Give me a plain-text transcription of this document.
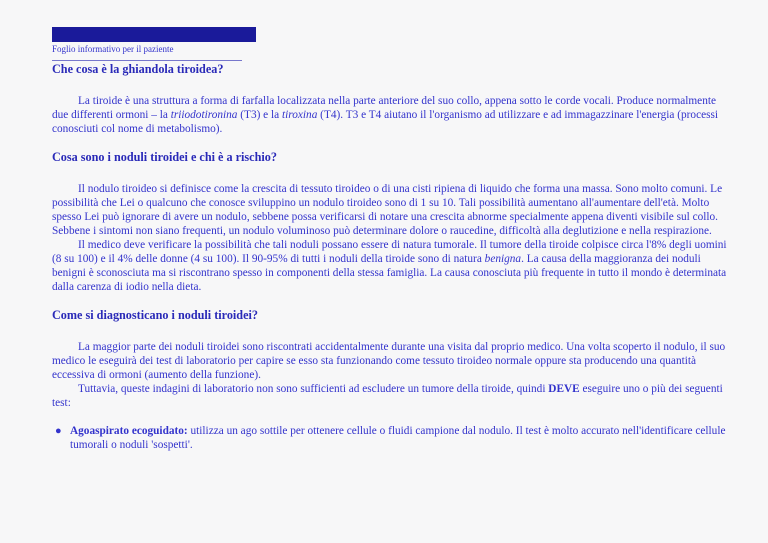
Foglio informativo per il paziente
Che cosa è la ghiandola tiroidea?

La tiroide è una struttura a forma di farfalla localizzata nella parte anteriore del suo collo, appena sotto le corde vocali. Produce normalmente due differenti ormoni – la triiodotironina (T3) e la tiroxina (T4). T3 e T4 aiutano il l'organismo ad utilizzare e ad immagazzinare l'energia (processi conosciuti col nome di metabolismo).

Cosa sono i noduli tiroidei e chi è a rischio?

Il nodulo tiroideo si definisce come la crescita di tessuto tiroideo o di una cisti ripiena di liquido che forma una massa. Sono molto comuni. Le possibilità che Lei o qualcuno che conosce sviluppino un nodulo tiroideo sono di 1 su 10. Tali possibilità aumentano all'aumentare dell'età. Molto spesso Lei può ignorare di avere un nodulo, sebbene possa verificarsi di notare una crescita abnorme specialmente appena diventi visibile sul collo. Sebbene i sintomi non siano frequenti, un nodulo voluminoso può determinare dolore o raucedine, difficoltà alla deglutizione e nella respirazione.

Il medico deve verificare la possibilità che tali noduli possano essere di natura tumorale. Il tumore della tiroide colpisce circa l'8% degli uomini (8 su 100) e il 4% delle donne (4 su 100). Il 90-95% di tutti i noduli della tiroide sono di natura benigna. La causa della maggioranza dei noduli benigni è sconosciuta ma si riscontrano spesso in componenti della stessa famiglia. La causa conosciuta più frequente in tutto il mondo è determinata dalla carenza di iodio nella dieta.

Come si diagnosticano i noduli tiroidei?

La maggior parte dei noduli tiroidei sono riscontrati accidentalmente durante una visita dal proprio medico. Una volta scoperto il nodulo, il suo medico le eseguirà dei test di laboratorio per capire se esso sta funzionando come tessuto tiroideo normale oppure sta producendo una quantità eccessiva di ormoni (aumento della funzione).

Tuttavia, queste indagini di laboratorio non sono sufficienti ad escludere un tumore della tiroide, quindi DEVE eseguire uno o più dei seguenti test:

● Agoaspirato ecoguidato: utilizza un ago sottile per ottenere cellule o fluidi campione dal nodulo. Il test è molto accurato nell'identificare cellule tumorali o noduli 'sospetti'.
